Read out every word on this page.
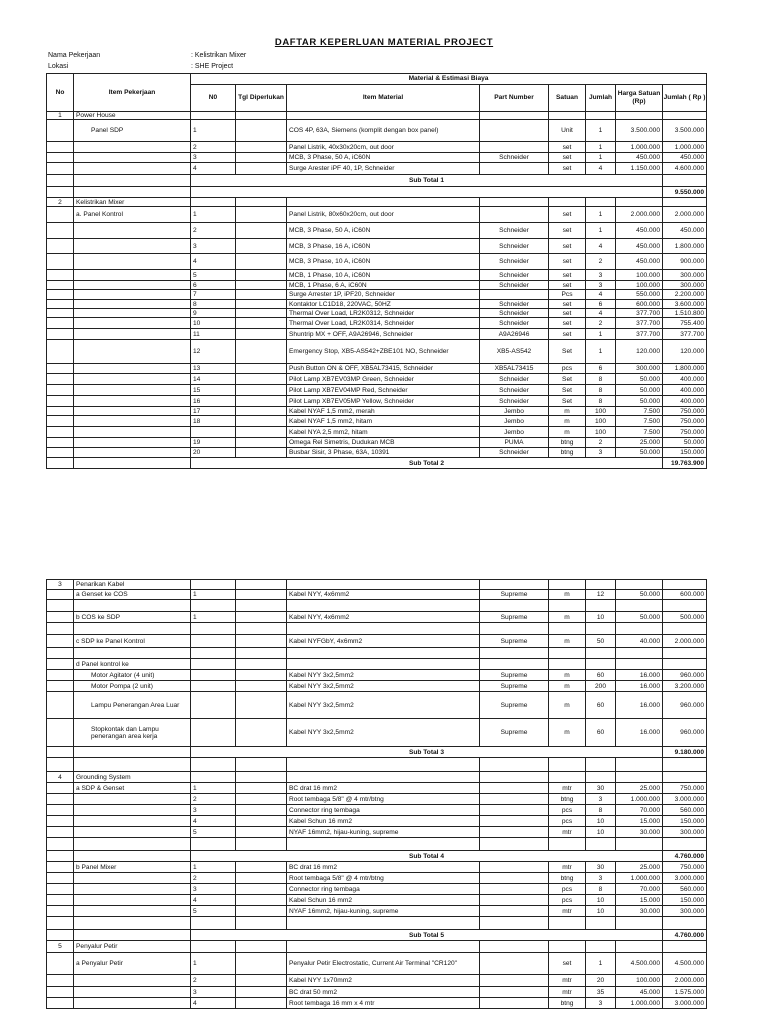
DAFTAR KEPERLUAN MATERIAL PROJECT
Nama Pekerjaan	: Kelistrikan Mixer
Lokasi	: SHE Project
No	Item Pekerjaan	Material & Estimasi Biaya							
		N0	Tgl Diperlukan	Item Material	Part Number	Satuan	Jumlah	Harga Satuan (Rp)	Jumlah ( Rp )
1	Power House								
	Panel SDP	1		COS 4P, 63A, Siemens (komplit dengan box panel)		Unit	1	3.500.000	3.500.000
		2		Panel Listrik, 40x30x20cm, out door		set	1	1.000.000	1.000.000
		3		MCB, 3 Phase, 50 A, iC60N	Schneider	set	1	450.000	450.000
		4		Surge Arester iPF 40, 1P, Schneider		set	4	1.150.000	4.600.000
		Sub Total 1							
									9.550.000
2	Kelistrikan Mixer								
	a. Panel Kontrol	1		Panel Listrik, 80x60x20cm, out door		set	1	2.000.000	2.000.000
		2		MCB, 3 Phase, 50 A, iC60N	Schneider	set	1	450.000	450.000
		3		MCB, 3 Phase, 16 A, iC60N	Schneider	set	4	450.000	1.800.000
		4		MCB, 3 Phase, 10 A, iC60N	Schneider	set	2	450.000	900.000
		5		MCB, 1 Phase, 10 A, iC60N	Schneider	set	3	100.000	300.000
		6		MCB, 1 Phase, 6 A, iC60N	Schneider	set	3	100.000	300.000
		7		Surge Arrester 1P, iPF20, Schneider		Pcs	4	550.000	2.200.000
		8		Kontaktor LC1D18, 220VAC, 50HZ	Schneider	set	6	600.000	3.600.000
		9		Thermal Over Load, LR2K0312, Schneider	Schneider	set	4	377.700	1.510.800
		10		Thermal Over Load, LR2K0314, Schneider	Schneider	set	2	377.700	755.400
		11		Shuntrip MX + OFF, A9A26946, Schneider	A9A26946	set	1	377.700	377.700
		12		Emergency Stop, XB5-AS542+ZBE101 NO, Schneider	XB5-AS542	Set	1	120.000	120.000
		13		Push Button ON & OFF, XB5AL73415, Schneider	XB5AL73415	pcs	6	300.000	1.800.000
		14		Pilot Lamp XB7EV03MP Green, Schneider	Schneider	Set	8	50.000	400.000
		15		Pilot Lamp XB7EV04MP Red, Schneider	Schneider	Set	8	50.000	400.000
		16		Pilot Lamp XB7EV05MP Yellow, Schneider	Schneider	Set	8	50.000	400.000
		17		Kabel NYAF 1,5 mm2, merah	Jembo	m	100	7.500	750.000
		18		Kabel NYAF 1,5 mm2, hitam	Jembo	m	100	7.500	750.000
				Kabel NYA 2,5 mm2, hitam	Jembo	m	100	7.500	750.000
		19		Omega Rel Simetris, Dudukan MCB	PUMA	btng	2	25.000	50.000
		20		Busbar Sisir, 3 Phase, 63A, 10391	Schneider	btng	3	50.000	150.000
		Sub Total 2							19.763.900
3	Penarikan Kabel								
	a Genset ke COS	1		Kabel NYY, 4x6mm2	Supreme	m	12	50.000	600.000

	b COS ke SDP	1		Kabel NYY, 4x6mm2	Supreme	m	10	50.000	500.000

	c SDP ke Panel Kontrol			Kabel NYFGbY, 4x6mm2	Supreme	m	50	40.000	2.000.000

	d Panel kontrol ke								
	Motor Agitator (4 unit)			Kabel NYY 3x2,5mm2	Supreme	m	60	16.000	960.000
	Motor Pompa (2 unit)			Kabel NYY 3x2,5mm2	Supreme	m	200	16.000	3.200.000
	Lampu Penerangan Area Luar			Kabel NYY 3x2,5mm2	Supreme	m	60	16.000	960.000
	Stopkontak dan Lampu penerangan area kerja			Kabel NYY 3x2,5mm2	Supreme	m	60	16.000	960.000
		Sub Total 3							9.180.000

4	Grounding System								
	a SDP & Genset	1		BC drat 16 mm2		mtr	30	25.000	750.000
		2		Root tembaga 5/8" @ 4 mtr/btng		btng	3	1.000.000	3.000.000
		3		Connector ring tembaga		pcs	8	70.000	560.000
		4		Kabel Schun 16 mm2		pcs	10	15.000	150.000
		5		NYAF 16mm2, hijau-kuning, supreme		mtr	10	30.000	300.000

		Sub Total 4							4.760.000
	b Panel Mixer	1		BC drat 16 mm2		mtr	30	25.000	750.000
		2		Root tembaga 5/8" @ 4 mtr/btng		btng	3	1.000.000	3.000.000
		3		Connector ring tembaga		pcs	8	70.000	560.000
		4		Kabel Schun 16 mm2		pcs	10	15.000	150.000
		5		NYAF 16mm2, hijau-kuning, supreme		mtr	10	30.000	300.000

		Sub Total 5							4.760.000
5	Penyalur Petir								
	a Penyalur Petir	1		Penyalur Petir Electrostatic, Current Air Terminal "CR120"		set	1	4.500.000	4.500.000
		2		Kabel NYY 1x70mm2		mtr	20	100.000	2.000.000
		3		BC drat 50 mm2		mtr	35	45.000	1.575.000
		4		Root tembaga 16 mm x 4 mtr		btng	3	1.000.000	3.000.000
